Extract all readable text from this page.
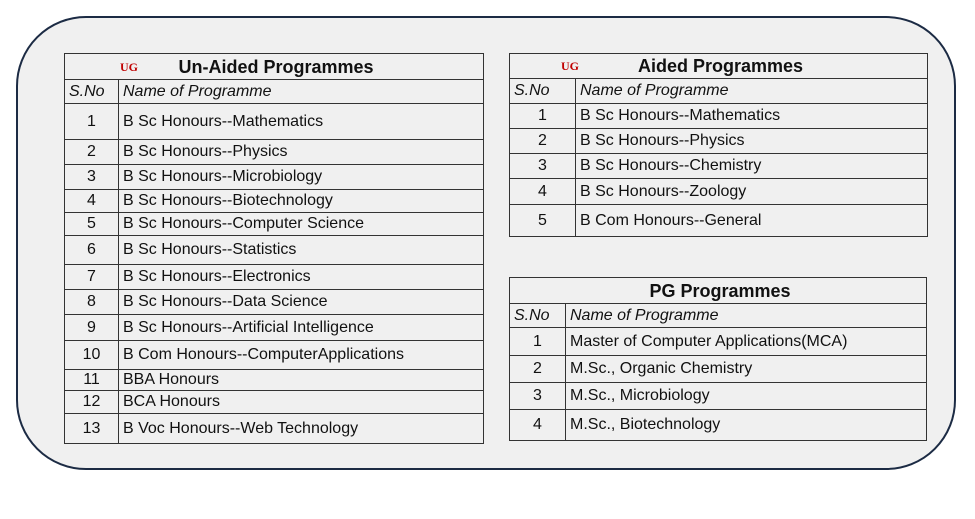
UG Un-Aided Programmes	
S.No	Name of Programme
1	B Sc Honours--Mathematics
2	B Sc Honours--Physics
3	B Sc Honours--Microbiology
4	B Sc Honours--Biotechnology
5	B Sc Honours--Computer Science
6	B Sc Honours--Statistics
7	B Sc Honours--Electronics
8	B Sc Honours--Data Science
9	B Sc Honours--Artificial Intelligence
10	B Com Honours--ComputerApplications
11	BBA Honours
12	BCA Honours
13	B Voc Honours--Web Technology
UG Aided Programmes	
S.No	Name of Programme
1	B Sc Honours--Mathematics
2	B Sc Honours--Physics
3	B Sc Honours--Chemistry
4	B Sc Honours--Zoology
5	B Com Honours--General
PG Programmes	
S.No	Name of Programme
1	Master of Computer Applications(MCA)
2	M.Sc., Organic Chemistry
3	M.Sc., Microbiology
4	M.Sc., Biotechnology
